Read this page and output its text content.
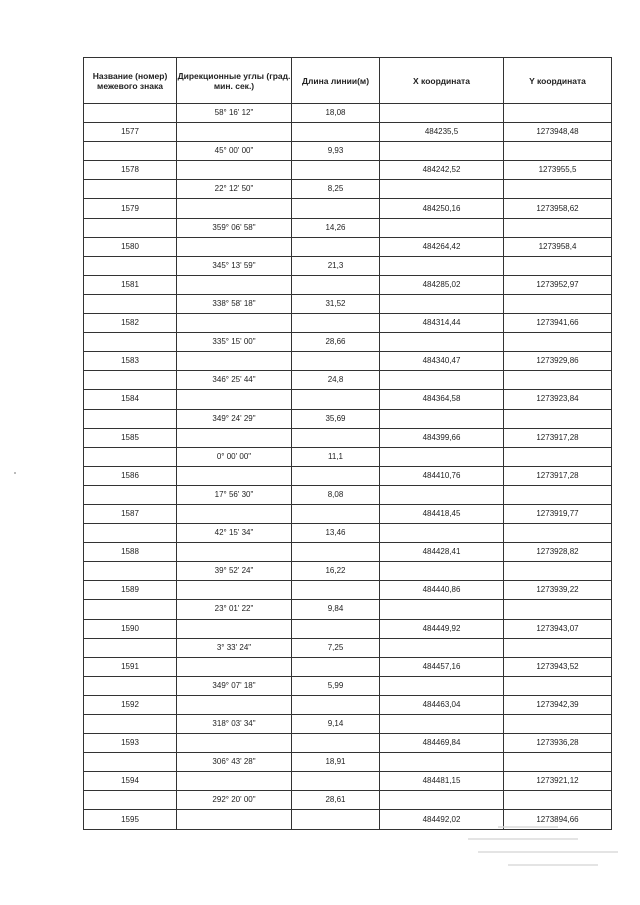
Название (номер) межевого знака	Дирекционные углы (град. мин. сек.)	Длина линии(м)	X координата	Y координата
	58° 16' 12"	18,08		
1577			484235,5	1273948,48
	45° 00' 00"	9,93		
1578			484242,52	1273955,5
	22° 12' 50"	8,25		
1579			484250,16	1273958,62
	359° 06' 58"	14,26		
1580			484264,42	1273958,4
	345° 13' 59"	21,3		
1581			484285,02	1273952,97
	338° 58' 18"	31,52		
1582			484314,44	1273941,66
	335° 15' 00"	28,66		
1583			484340,47	1273929,86
	346° 25' 44"	24,8		
1584			484364,58	1273923,84
	349° 24' 29"	35,69		
1585			484399,66	1273917,28
	0° 00' 00"	11,1		
1586			484410,76	1273917,28
	17° 56' 30"	8,08		
1587			484418,45	1273919,77
	42° 15' 34"	13,46		
1588			484428,41	1273928,82
	39° 52' 24"	16,22		
1589			484440,86	1273939,22
	23° 01' 22"	9,84		
1590			484449,92	1273943,07
	3° 33' 24"	7,25		
1591			484457,16	1273943,52
	349° 07' 18"	5,99		
1592			484463,04	1273942,39
	318° 03' 34"	9,14		
1593			484469,84	1273936,28
	306° 43' 28"	18,91		
1594			484481,15	1273921,12
	292° 20' 00"	28,61		
1595			484492,02	1273894,66
